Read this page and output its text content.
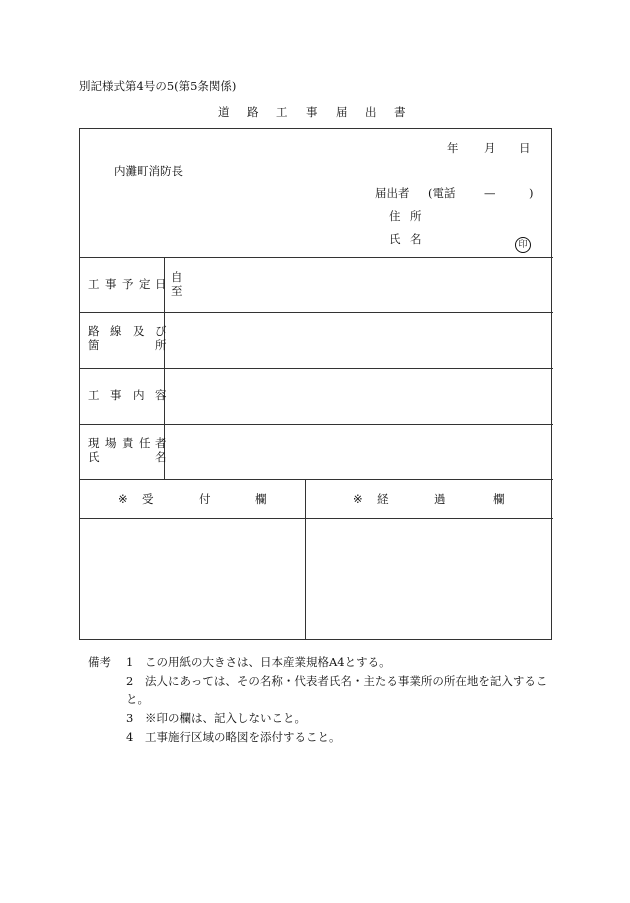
別記様式第4号の5(第5条関係)
道 路 工 事 届 出 書
年 月 日
内灘町消防長
届出者 (電話 —	)
住 所
氏 名	印
工 事 予 定 日 自
至
路 線 及 び
箇	所
工 事 内 容
現 場 責 任 者
氏	名
※ 受	付	欄	※ 経	過	欄
備考 1 この用紙の大きさは、日本産業規格A4とする。
2 法人にあっては、その名称・代表者氏名・主たる事業所の所在地を記入するこ
と。
3 ※印の欄は、記入しないこと。
4 工事施行区域の略図を添付すること。
